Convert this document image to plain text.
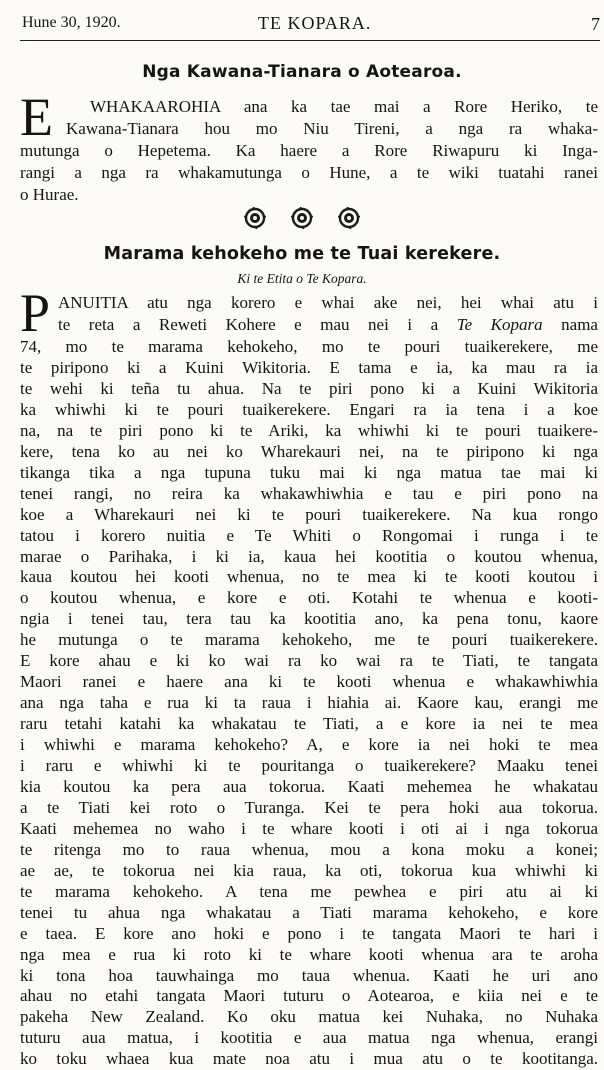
Hune 30, 1920.	TE KOPARA.	7
Nga Kawana-Tianara o Aotearoa.
E WHAKAAROHIA ana ka tae mai a Rore Heriko, te
Kawana-Tianara hou mo Niu Tireni, a nga ra whaka-
mutunga o Hepetema. Ka haere a Rore Riwapuru ki Inga-
rangi a nga ra whakamutunga o Hune, a te wiki tuatahi ranei
o Hurae.

Marama kehokeho me te Tuai kerekere.
Ki te Etita o Te Kopara.
P ANUITIA atu nga korero e whai ake nei, hei whai atu i
te reta a Reweti Kohere e mau nei i a Te Kopara nama
74, mo te marama kehokeho, mo te pouri tuaikerekere, me
te piripono ki a Kuini Wikitoria. E tama e ia, ka mau ra ia
te wehi ki teña tu ahua. Na te piri pono ki a Kuini Wikitoria
ka whiwhi ki te pouri tuaikerekere. Engari ra ia tena i a koe
na, na te piri pono ki te Ariki, ka whiwhi ki te pouri tuaikere-
kere, tena ko au nei ko Wharekauri nei, na te piripono ki nga
tikanga tika a nga tupuna tuku mai ki nga matua tae mai ki
tenei rangi, no reira ka whakawhiwhia e tau e piri pono na
koe a Wharekauri nei ki te pouri tuaikerekere. Na kua rongo
tatou i korero nuitia e Te Whiti o Rongomai i runga i te
marae o Parihaka, i ki ia, kaua hei kootitia o koutou whenua,
kaua koutou hei kooti whenua, no te mea ki te kooti koutou i
o koutou whenua, e kore e oti. Kotahi te whenua e kooti-
ngia i tenei tau, tera tau ka kootitia ano, ka pena tonu, kaore
he mutunga o te marama kehokeho, me te pouri tuaikerekere.
E kore ahau e ki ko wai ra ko wai ra te Tiati, te tangata
Maori ranei e haere ana ki te kooti whenua e whakawhiwhia
ana nga taha e rua ki ta raua i hiahia ai. Kaore kau, erangi me
raru tetahi katahi ka whakatau te Tiati, a e kore ia nei te mea
i whiwhi e marama kehokeho? A, e kore ia nei hoki te mea
i raru e whiwhi ki te pouritanga o tuaikerekere? Maaku tenei
kia koutou ka pera aua tokorua. Kaati mehemea he whakatau
a te Tiati kei roto o Turanga. Kei te pera hoki aua tokorua.
Kaati mehemea no waho i te whare kooti i oti ai i nga tokorua
te ritenga mo to raua whenua, mou a kona moku a konei;
ae ae, te tokorua nei kia raua, ka oti, tokorua kua whiwhi ki
te marama kehokeho. A tena me pewhea e piri atu ai ki
tenei tu ahua nga whakatau a Tiati marama kehokeho, e kore
e taea. E kore ano hoki e pono i te tangata Maori te hari i
nga mea e rua ki roto ki te whare kooti whenua ara te aroha
ki tona hoa tauwhainga mo taua whenua. Kaati he uri ano
ahau no etahi tangata Maori tuturu o Aotearoa, e kiia nei e te
pakeha New Zealand. Ko oku matua kei Nuhaka, no Nuhaka
tuturu aua matua, i kootitia e aua matua nga whenua, erangi
ko toku whaea kua mate noa atu i mua atu o te kootitanga.
